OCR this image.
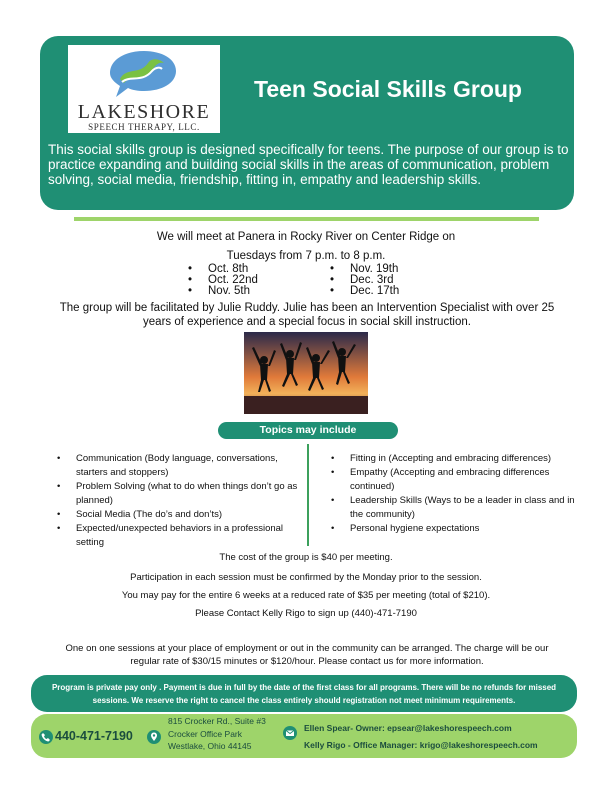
LAKESHORE
SPEECH THERAPY, LLC.
Teen Social Skills Group
This social skills group is designed specifically for teens. The purpose of our group is to practice expanding and building social skills in the areas of communication, problem solving, social media, friendship, fitting in, empathy and leadership skills.
We will meet at Panera in Rocky River on Center Ridge on
Tuesdays from 7 p.m. to 8 p.m.
• Oct. 8th
• Oct. 22nd
• Nov. 5th
• Nov. 19th
• Dec. 3rd
• Dec. 17th
The group will be facilitated by Julie Ruddy. Julie has been an Intervention Specialist with over 25 years of experience and a special focus in social skill instruction.
Topics may include
• Communication (Body language, conversations, starters and stoppers)
• Problem Solving (what to do when things don’t go as planned)
• Social Media (The do’s and don’ts)
• Expected/unexpected behaviors in a professional setting
• Fitting in (Accepting and embracing differences)
• Empathy (Accepting and embracing differences continued)
• Leadership Skills (Ways to be a leader in class and in the community)
• Personal hygiene expectations
The cost of the group is $40 per meeting.
Participation in each session must be confirmed by the Monday prior to the session.
You may pay for the entire 6 weeks at a reduced rate of $35 per meeting (total of $210).
Please Contact Kelly Rigo to sign up (440)-471-7190
One on one sessions at your place of employment or out in the community can be arranged. The charge will be our regular rate of $30/15 minutes or $120/hour. Please contact us for more information.
Program is private pay only . Payment is due in full by the date of the first class for all programs. There will be no refunds for missed sessions. We reserve the right to cancel the class entirely should registration not meet minimum requirements.
440-471-7190
815 Crocker Rd., Suite #3
Crocker Office Park
Westlake, Ohio 44145
Ellen Spear- Owner: epsear@lakeshorespeech.com
Kelly Rigo - Office Manager: krigo@lakeshorespeech.com
